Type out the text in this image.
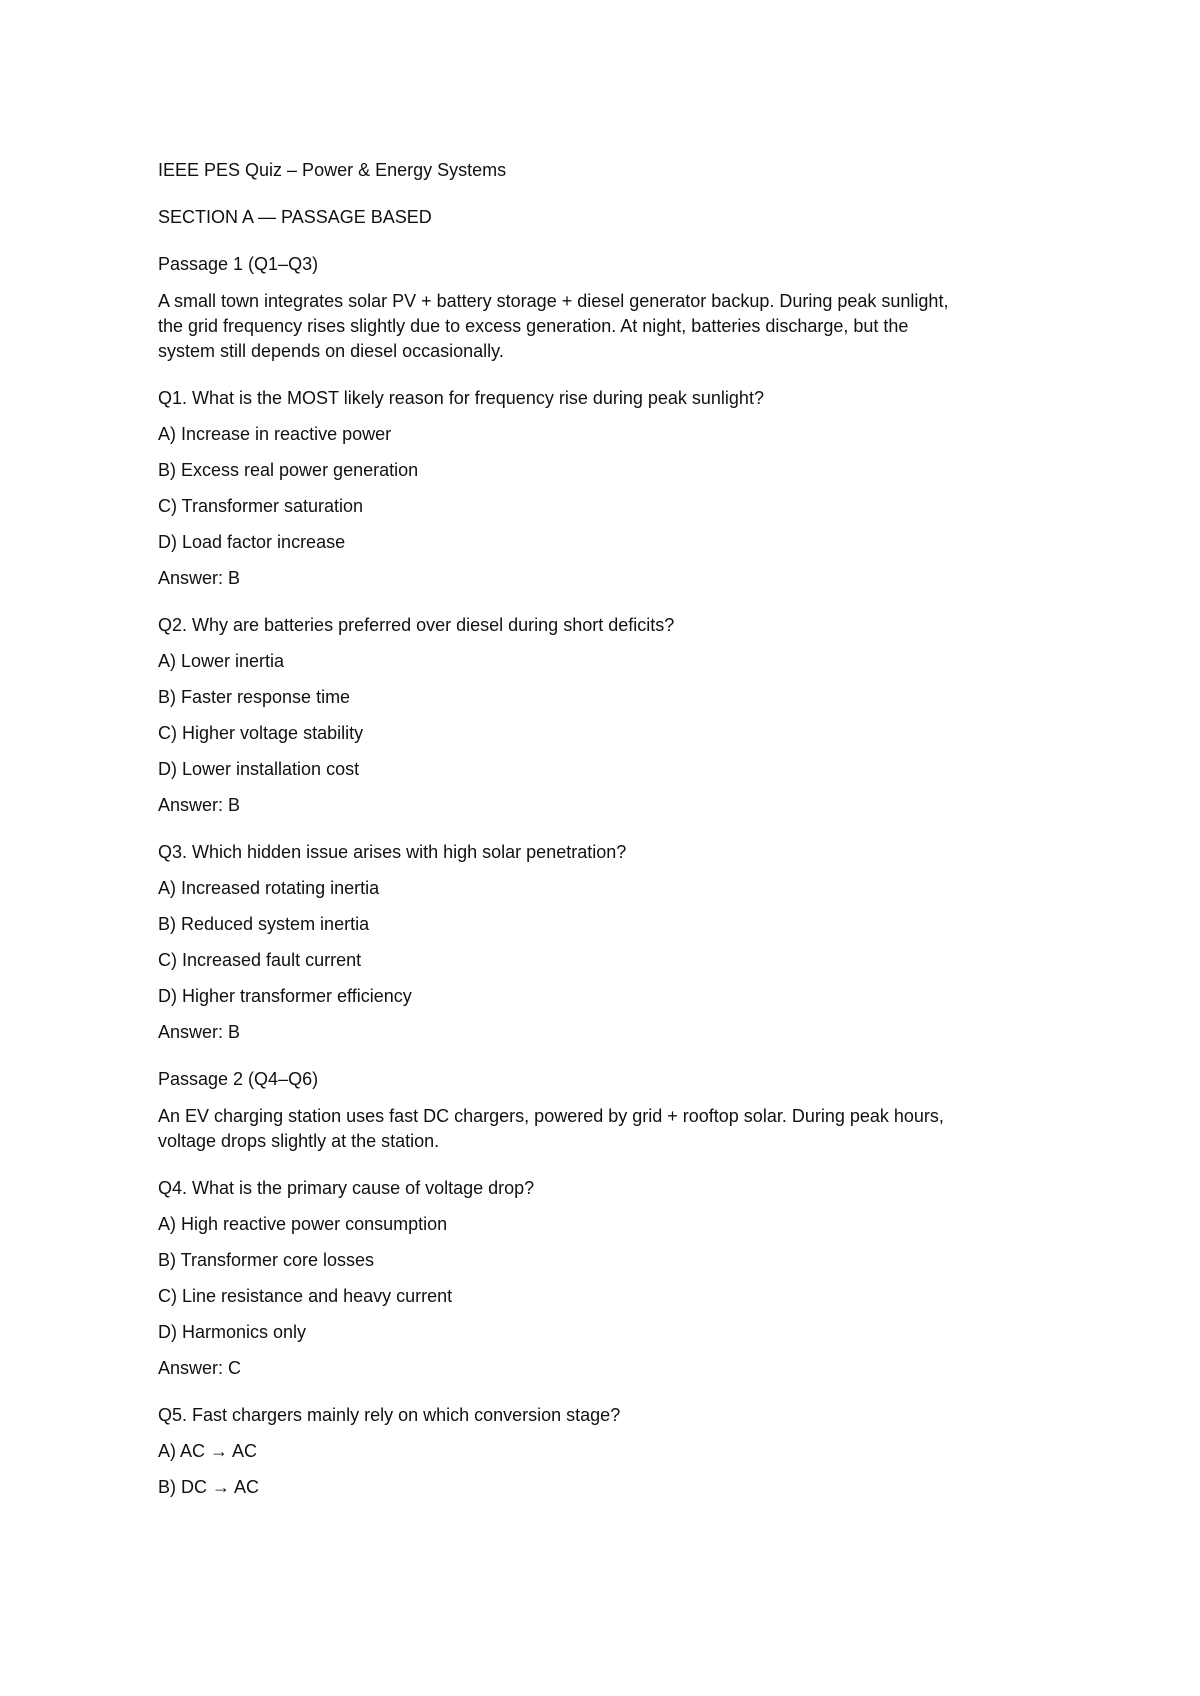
IEEE PES Quiz – Power & Energy Systems
SECTION A — PASSAGE BASED
Passage 1 (Q1–Q3)
A small town integrates solar PV + battery storage + diesel generator backup. During peak sunlight,
the grid frequency rises slightly due to excess generation. At night, batteries discharge, but the
system still depends on diesel occasionally.
Q1. What is the MOST likely reason for frequency rise during peak sunlight?
A) Increase in reactive power
B) Excess real power generation
C) Transformer saturation
D) Load factor increase
Answer: B
Q2. Why are batteries preferred over diesel during short deficits?
A) Lower inertia
B) Faster response time
C) Higher voltage stability
D) Lower installation cost
Answer: B
Q3. Which hidden issue arises with high solar penetration?
A) Increased rotating inertia
B) Reduced system inertia
C) Increased fault current
D) Higher transformer efficiency
Answer: B
Passage 2 (Q4–Q6)
An EV charging station uses fast DC chargers, powered by grid + rooftop solar. During peak hours,
voltage drops slightly at the station.
Q4. What is the primary cause of voltage drop?
A) High reactive power consumption
B) Transformer core losses
C) Line resistance and heavy current
D) Harmonics only
Answer: C
Q5. Fast chargers mainly rely on which conversion stage?
A) AC → AC
B) DC → AC
